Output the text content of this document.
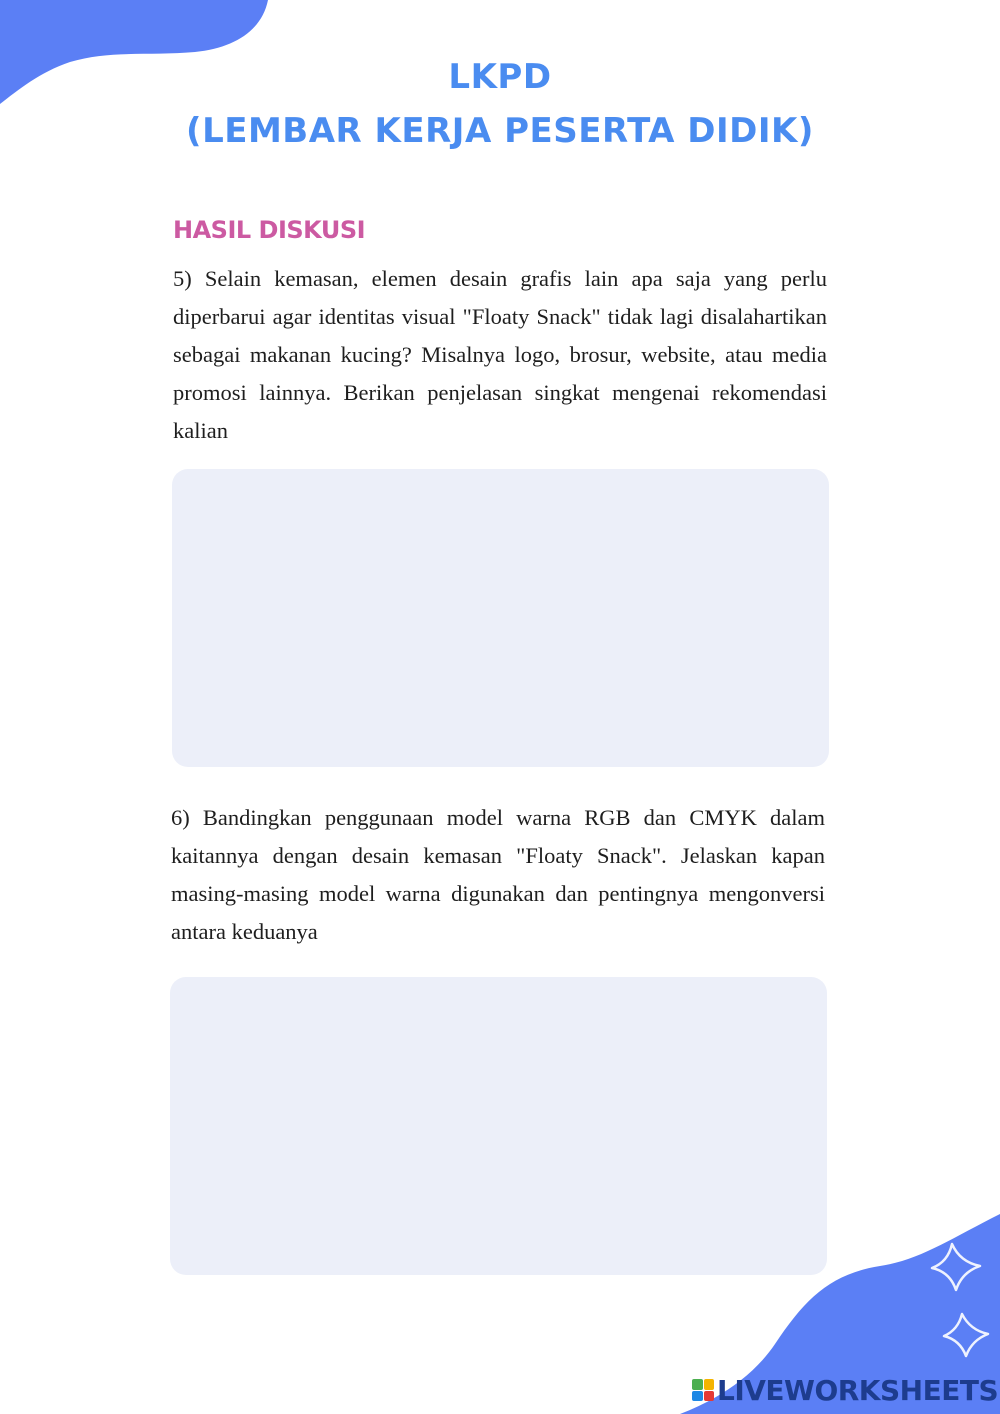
LKPD
(LEMBAR KERJA PESERTA DIDIK)
HASIL DISKUSI

5) Selain kemasan, elemen desain grafis lain apa saja yang perlu diperbarui agar identitas visual "Floaty Snack" tidak lagi disalahartikan sebagai makanan kucing? Misalnya logo, brosur, website, atau media promosi lainnya. Berikan penjelasan singkat mengenai rekomendasi kalian

6) Bandingkan penggunaan model warna RGB dan CMYK dalam kaitannya dengan desain kemasan "Floaty Snack". Jelaskan kapan masing-masing model warna digunakan dan pentingnya mengonversi antara keduanya

LIVEWORKSHEETS
